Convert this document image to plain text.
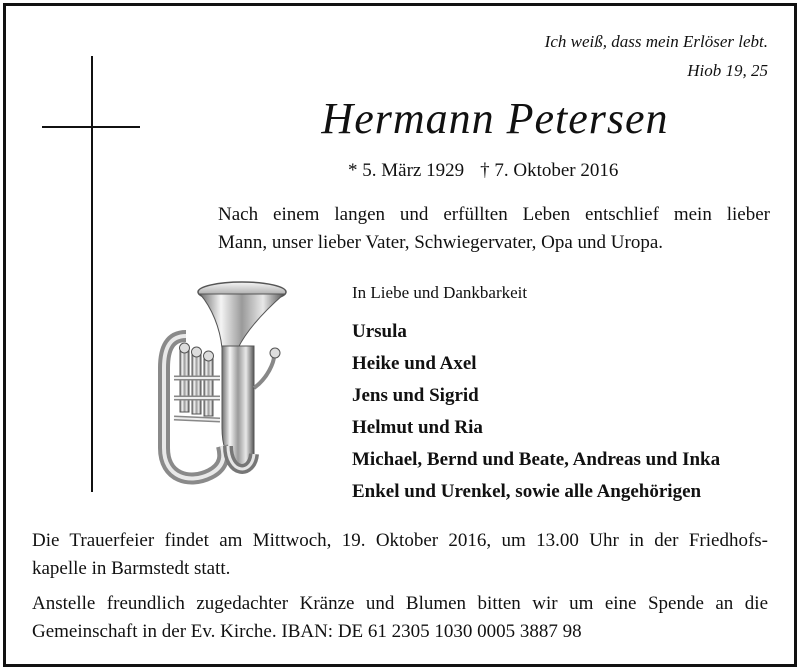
Ich weiß, dass mein Erlöser lebt.
Hiob 19, 25
Hermann Petersen
* 5. März 1929 † 7. Oktober 2016
Nach einem langen und erfüllten Leben entschlief mein lieber
Mann, unser lieber Vater, Schwiegervater, Opa und Uropa.
In Liebe und Dankbarkeit
Ursula
Heike und Axel
Jens und Sigrid
Helmut und Ria
Michael, Bernd und Beate, Andreas und Inka
Enkel und Urenkel, sowie alle Angehörigen
Die Trauerfeier findet am Mittwoch, 19. Oktober 2016, um 13.00 Uhr in der Friedhofs-
kapelle in Barmstedt statt.
Anstelle freundlich zugedachter Kränze und Blumen bitten wir um eine Spende an die
Gemeinschaft in der Ev. Kirche. IBAN: DE 61 2305 1030 0005 3887 98
